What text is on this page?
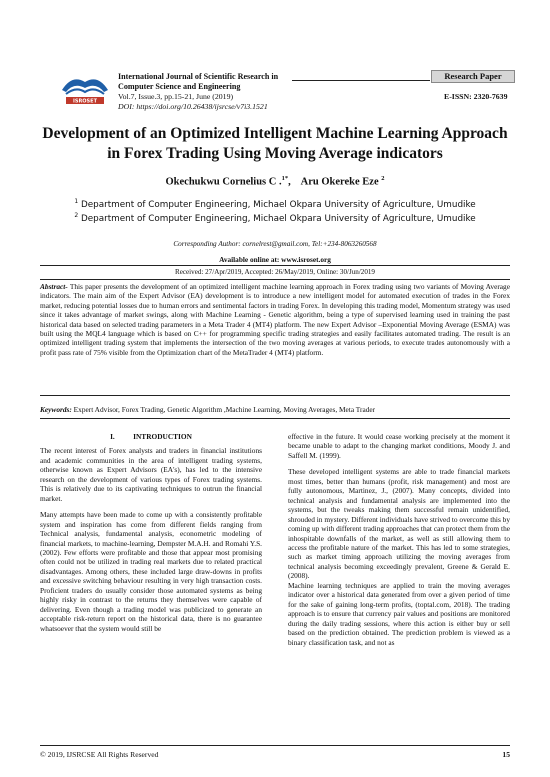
ISROSET
International Journal of Scientific Research in
Computer Science and Engineering
Research Paper
Vol.7, Issue.3, pp.15-21, June (2019)
DOI: https://doi.org/10.26438/ijsrcse/v7i3.1521
E-ISSN: 2320-7639
Development of an Optimized Intelligent Machine Learning Approach in Forex Trading Using Moving Average indicators
Okechukwu Cornelius C .$^{1*}$,    Aru Okereke Eze $^2$
$^1$ Department of Computer Engineering, Michael Okpara University of Agriculture, Umudike
$^2$ Department of Computer Engineering, Michael Okpara University of Agriculture, Umudike
Corresponding Author: cornelrest@gmail.com, Tel:+234-8063260568
Available online at: www.isroset.org
Received: 27/Apr/2019, Accepted: 26/May/2019, Online: 30/Jun/2019
Abstract- This paper presents the development of an optimized intelligent machine learning approach in Forex trading using two variants of Moving Average indicators. The main aim of the Expert Advisor (EA) development is to introduce a new intelligent model for automated execution of trades in the Forex market, reducing potential losses due to human errors and sentimental factors in trading Forex. In developing this trading model, Momentum strategy was used since it takes advantage of market swings, along with Machine Learning - Genetic algorithm, being a type of supervised learning used in training the past historical data based on selected trading parameters in a Meta Trader 4 (MT4) platform. The new Expert Advisor –Exponential Moving Average (ESMA) was built using the MQL4 language which is based on C++ for programming specific trading strategies and easily facilitates automated trading. The result is an optimized intelligent trading system that implements the intersection of the two moving averages at various periods, to execute trades autonomously with a profit pass rate of 75% visible from the Optimization chart of the MetaTrader 4 (MT4) platform.
Keywords: Expert Advisor, Forex Trading, Genetic Algorithm ,Machine Learning, Moving Averages, Meta Trader

I. INTRODUCTION

The recent interest of Forex analysts and traders in financial institutions and academic communities in the area of intelligent trading systems, otherwise known as Expert Advisors (EA's), has led to the intensive research on the development of various types of Forex trading systems. This is relatively due to its captivating techniques to outrun the financial market.

Many attempts have been made to come up with a consistently profitable system and inspiration has come from different fields ranging from Technical analysis, fundamental analysis, econometric modeling of financial markets, to machine-learning, Dempster M.A.H. and Romahi Y.S. (2002). Few efforts were profitable and those that appear most promising often could not be utilized in trading real markets due to related practical disadvantages. Among others, these included large draw-downs in profits and excessive switching behaviour resulting in very high transaction costs. Proficient traders do usually consider those automated systems as being highly risky in contrast to the returns they themselves were capable of delivering. Even though a trading model was publicized to generate an acceptable risk-return report on the historical data, there is no guarantee whatsoever that the system would still be

effective in the future. It would cease working precisely at the moment it became unable to adapt to the changing market conditions, Moody J. and Saffell M. (1999).

These developed intelligent systems are able to trade financial markets most times, better than humans (profit, risk management) and most are fully autonomous, Martinez, J., (2007). Many concepts, divided into technical analysis and fundamental analysis are implemented into the systems, but the tweaks making them successful remain unidentified, shrouded in mystery. Different individuals have strived to overcome this by coming up with different trading approaches that can protect them from the inhospitable downfalls of the market, as well as still allowing them to access the profitable nature of the market. This has led to some strategies, such as market timing approach utilizing the moving averages from technical analysis becoming exceedingly prevalent, Greene & Gerald E. (2008).

Machine learning techniques are applied to train the moving averages indicator over a historical data generated from over a given period of time for the sake of gaining long-term profits, (toptal.com, 2018). The trading approach is to ensure that currency pair values and positions are monitored during the daily trading sessions, where this action is either buy or sell based on the prediction obtained. The prediction problem is viewed as a binary classification task, and not as

© 2019, IJSRCSE All Rights Reserved	15
